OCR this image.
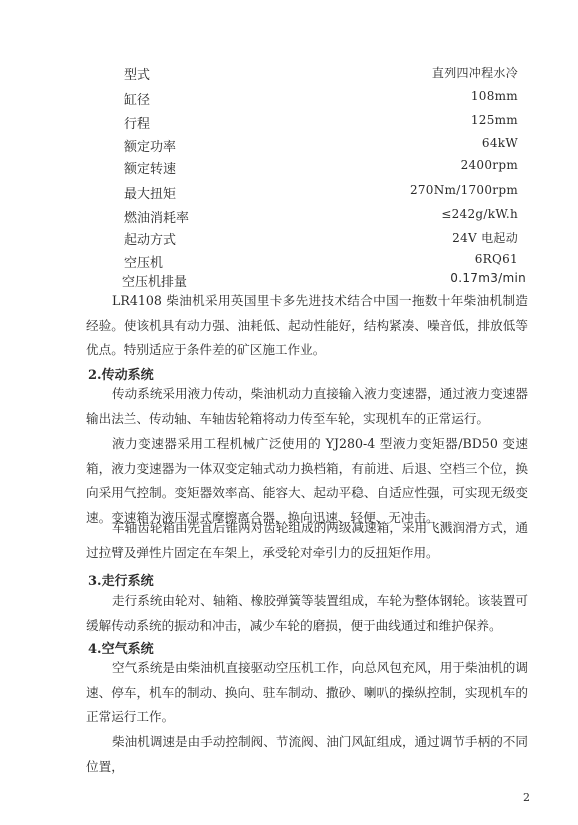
型式	直列四冲程水冷
缸径	108mm
行程	125mm
额定功率	64kW
额定转速	2400rpm
最大扭矩	270Nm/1700rpm
燃油消耗率	≤242g/kW.h
起动方式	24V 电起动
空压机	6RQ61
空压机排量	0.17m3/min

LR4108 柴油机采用英国里卡多先进技术结合中国一拖数十年柴油机制造经验。使该机具有动力强、油耗低、起动性能好，结构紧凑、噪音低，排放低等优点。特别适应于条件差的矿区施工作业。

2.传动系统

传动系统采用液力传动，柴油机动力直接输入液力变速器，通过液力变速器输出法兰、传动轴、车轴齿轮箱将动力传至车轮，实现机车的正常运行。

液力变速器采用工程机械广泛使用的 YJ280-4 型液力变矩器/BD50 变速箱，液力变速器为一体双变定轴式动力换档箱，有前进、后退、空档三个位，换向采用气控制。变矩器效率高、能容大、起动平稳、自适应性强，可实现无级变速。变速箱为液压湿式摩擦离合器，换向迅速、轻便、无冲击。

车轴齿轮箱由先直后锥两对齿轮组成的两级减速箱，采用飞溅润滑方式，通过拉臂及弹性片固定在车架上，承受轮对牵引力的反扭矩作用。

3.走行系统

走行系统由轮对、轴箱、橡胶弹簧等装置组成，车轮为整体钢轮。该装置可缓解传动系统的振动和冲击，减少车轮的磨损，便于曲线通过和维护保养。

4.空气系统

空气系统是由柴油机直接驱动空压机工作，向总风包充风，用于柴油机的调速、停车，机车的制动、换向、驻车制动、撒砂、喇叭的操纵控制，实现机车的正常运行工作。

柴油机调速是由手动控制阀、节流阀、油门风缸组成，通过调节手柄的不同位置，

2
